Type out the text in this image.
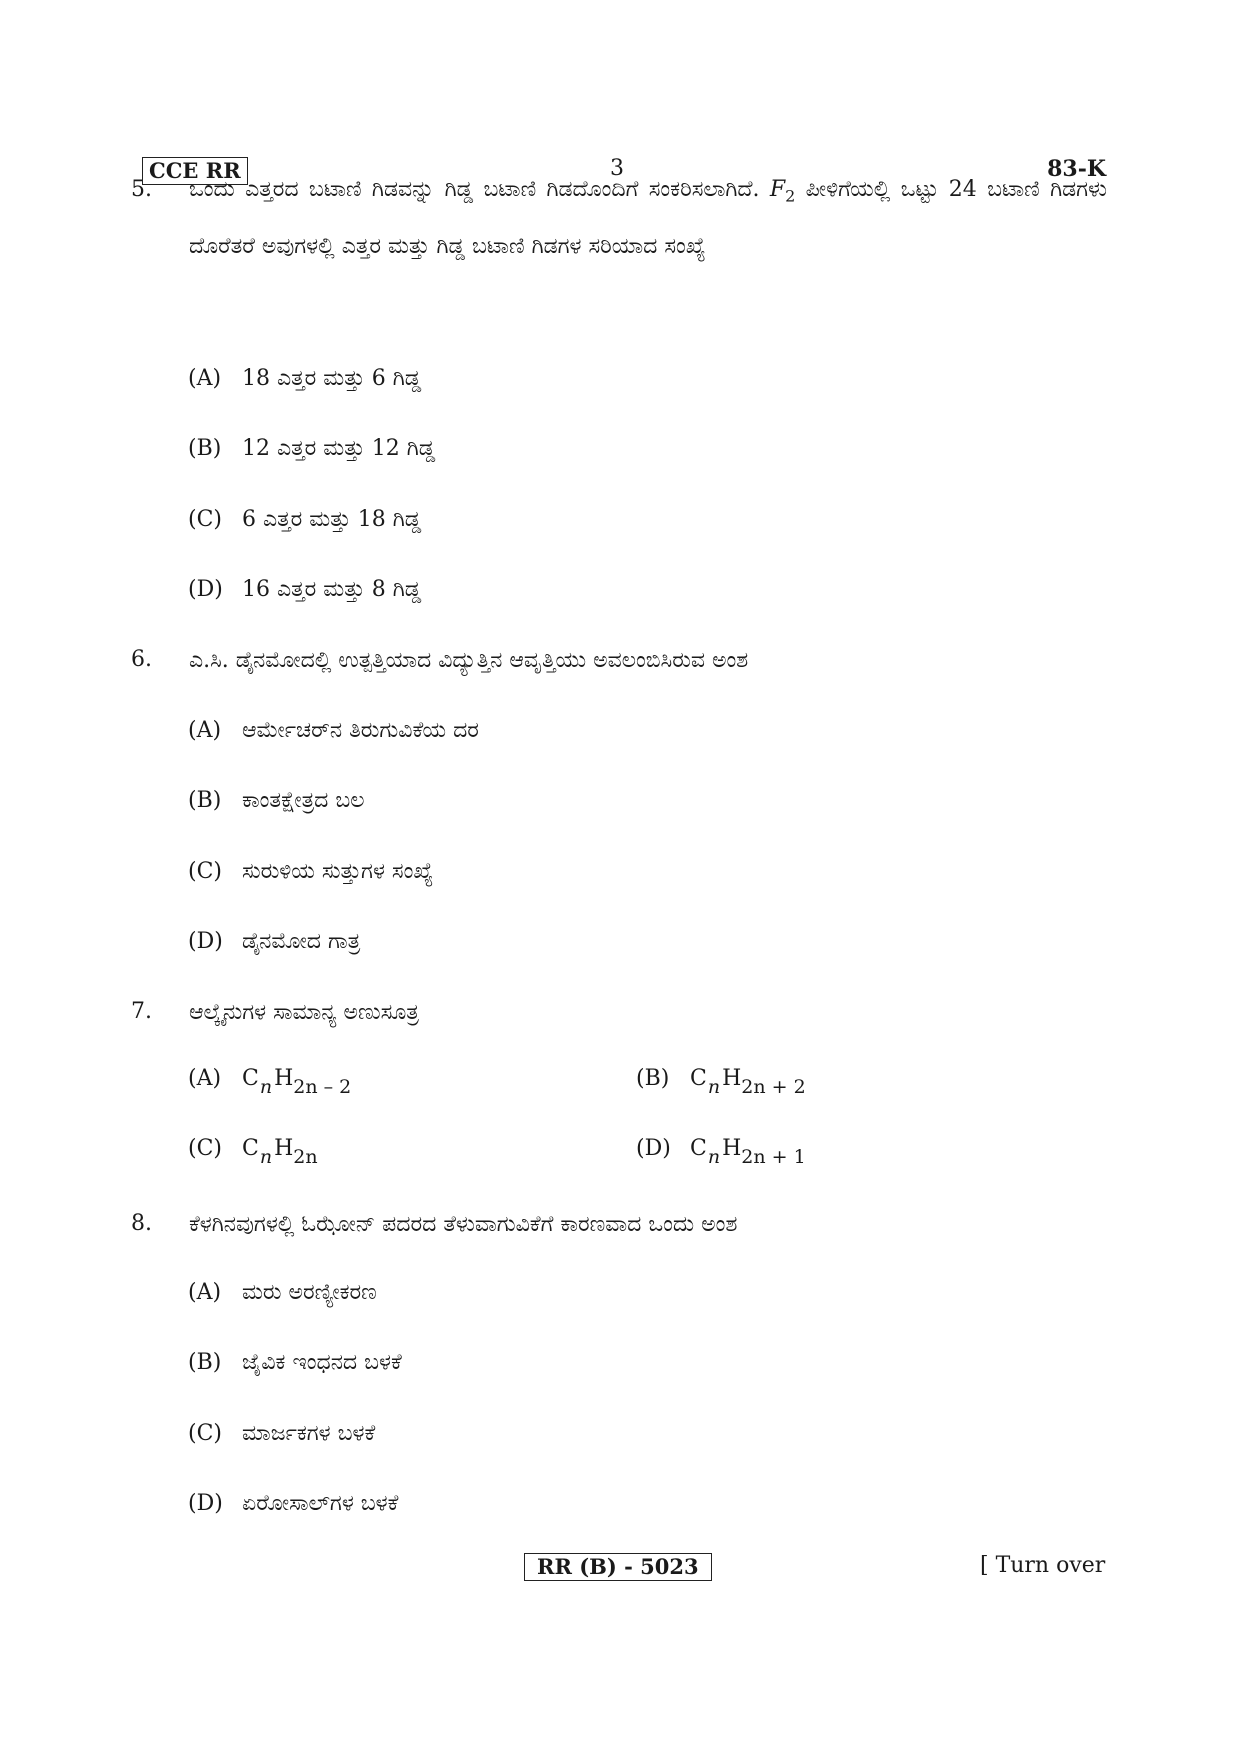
CCE RR	3	83-K
5.	ಒಂದು ಎತ್ತರದ ಬಟಾಣಿ ಗಿಡವನ್ನು ಗಿಡ್ಡ ಬಟಾಣಿ ಗಿಡದೊಂದಿಗೆ ಸಂಕರಿಸಲಾಗಿದೆ. $F_2$ ಪೀಳಿಗೆಯಲ್ಲಿ ಒಟ್ಟು 24 ಬಟಾಣಿ ಗಿಡಗಳು ದೊರೆತರೆ ಅವುಗಳಲ್ಲಿ ಎತ್ತರ ಮತ್ತು ಗಿಡ್ಡ ಬಟಾಣಿ ಗಿಡಗಳ ಸರಿಯಾದ ಸಂಖ್ಯೆ
(A) 18 ಎತ್ತರ ಮತ್ತು 6 ಗಿಡ್ಡ
(B) 12 ಎತ್ತರ ಮತ್ತು 12 ಗಿಡ್ಡ
(C) 6 ಎತ್ತರ ಮತ್ತು 18 ಗಿಡ್ಡ
(D) 16 ಎತ್ತರ ಮತ್ತು 8 ಗಿಡ್ಡ
6.	ಎ.ಸಿ. ಡೈನಮೋದಲ್ಲಿ ಉತ್ಪತ್ತಿಯಾದ ವಿದ್ಯುತ್ತಿನ ಆವೃತ್ತಿಯು ಅವಲಂಬಿಸಿರುವ ಅಂಶ
(A) ಆರ್ಮೇಚರ್‌ನ ತಿರುಗುವಿಕೆಯ ದರ
(B) ಕಾಂತಕ್ಷೇತ್ರದ ಬಲ
(C) ಸುರುಳಿಯ ಸುತ್ತುಗಳ ಸಂಖ್ಯೆ
(D) ಡೈನಮೋದ ಗಾತ್ರ
7.	ಆಲ್ಕೈನುಗಳ ಸಾಮಾನ್ಯ ಅಣುಸೂತ್ರ
(A) CnH2n – 2	(B) CnH2n + 2
(C) CnH2n	(D) CnH2n + 1
8.	ಕೆಳಗಿನವುಗಳಲ್ಲಿ ಓಝೋನ್ ಪದರದ ತೆಳುವಾಗುವಿಕೆಗೆ ಕಾರಣವಾದ ಒಂದು ಅಂಶ
(A) ಮರು ಅರಣ್ಯೀಕರಣ
(B) ಜೈವಿಕ ಇಂಧನದ ಬಳಕೆ
(C) ಮಾರ್ಜಕಗಳ ಬಳಕೆ
(D) ಏರೋಸಾಲ್‌ಗಳ ಬಳಕೆ
RR (B) - 5023	[ Turn over
